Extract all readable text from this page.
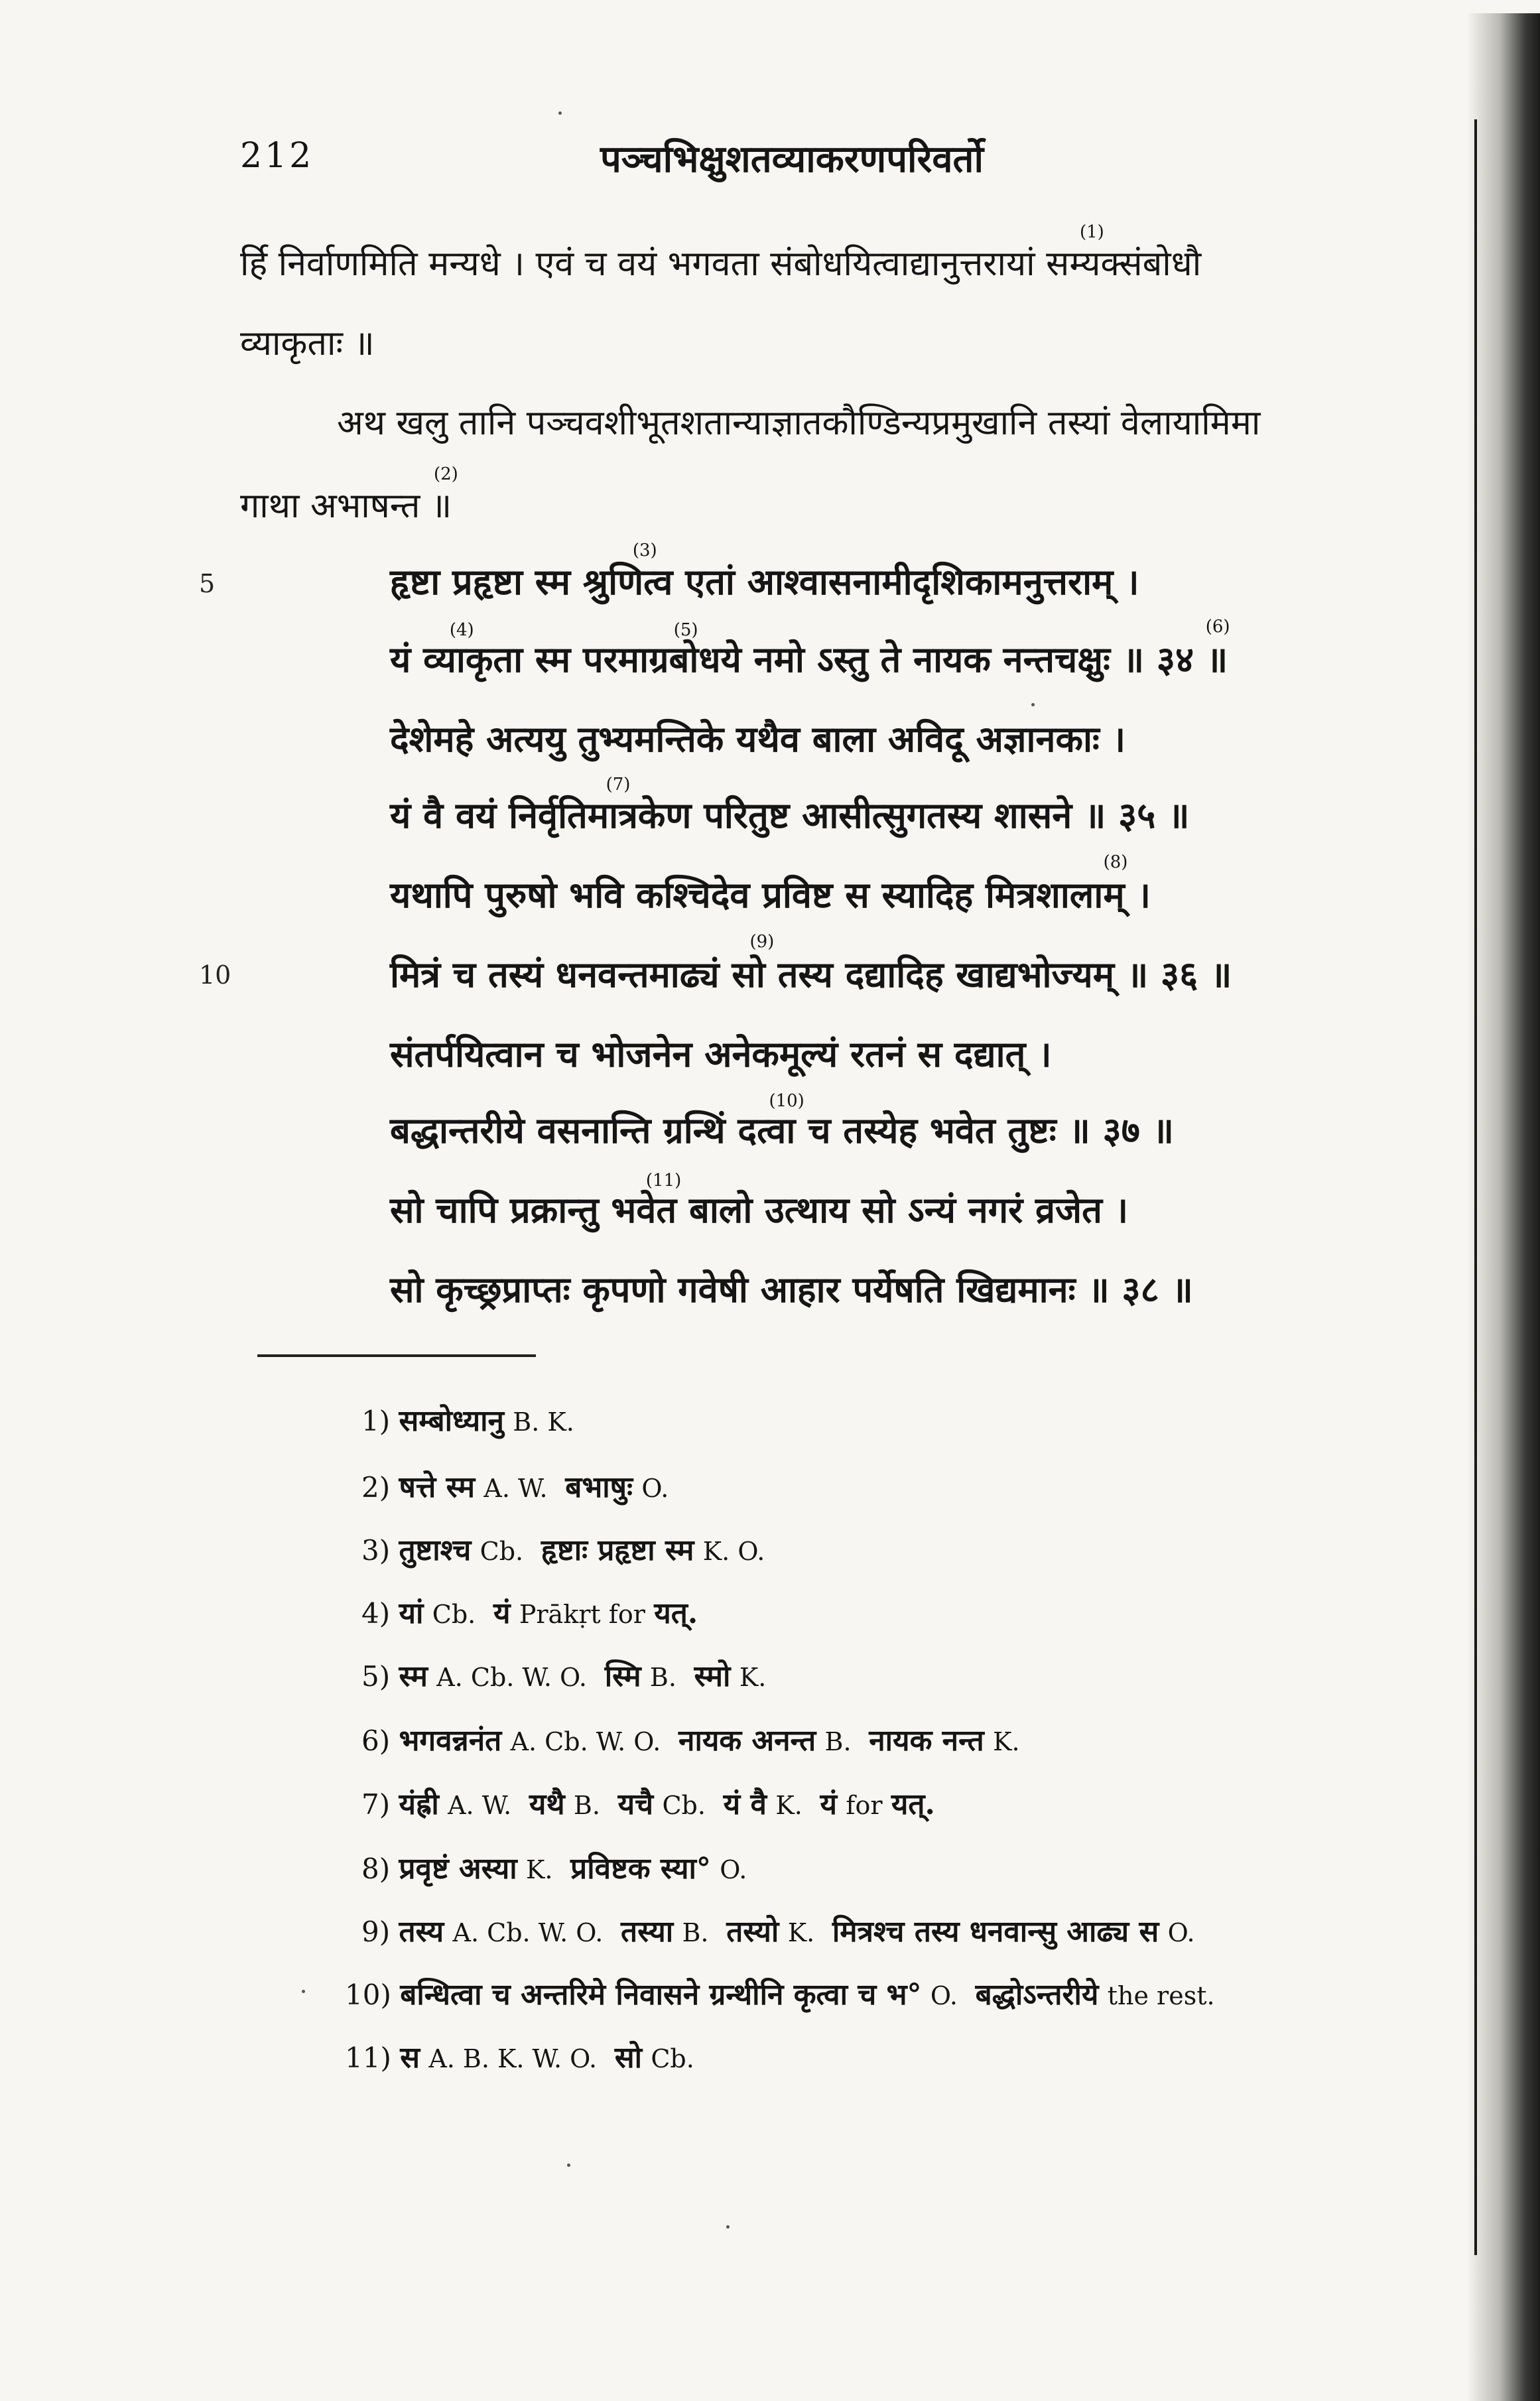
212	पञ्चभिक्षुशतव्याकरणपरिवर्तो
र्हि निर्वाणमिति मन्यधे । एवं च वयं भगवता संबोधयित्वाद्यानुत्तरायां सम्यक्संबोधौ
$^{(1)}$
व्याकृताः ॥
अथ खलु तानि पञ्चवशीभूतशतान्याज्ञातकौण्डिन्यप्रमुखानि तस्यां वेलायामिमा
गाथा अभाषन्त ॥
$^{(2)}$
5
10
हृष्टा प्रहृष्टा स्म श्रुणित्व एतां आश्वासनामीदृशिकामनुत्तराम् ।
$^{(3)}$
यं व्याकृता स्म परमाग्रबोधये नमो ऽस्तु ते नायक नन्तचक्षुः ॥ ३४ ॥
$^{(4)}$	$^{(5)}$	$^{(6)}$
देशेमहे अत्ययु तुभ्यमन्तिके यथैव बाला अविदू अज्ञानकाः ।
यं वै वयं निर्वृतिमात्रकेण परितुष्ट आसीत्सुगतस्य शासने ॥ ३५ ॥
$^{(7)}$
यथापि पुरुषो भवि कश्चिदेव प्रविष्ट स स्यादिह मित्रशालाम् ।
$^{(8)}$
मित्रं च तस्यं धनवन्तमाढ्यं सो तस्य दद्यादिह खाद्यभोज्यम् ॥ ३६ ॥
$^{(9)}$
संतर्पयित्वान च भोजनेन अनेकमूल्यं रतनं स दद्यात् ।
बद्धान्तरीये वसनान्ति ग्रन्थिं दत्वा च तस्येह भवेत तुष्टः ॥ ३७ ॥
$^{(10)}$
सो चापि प्रक्रान्तु भवेत बालो उत्थाय सो ऽन्यं नगरं व्रजेत ।
$^{(11)}$
सो कृच्छ्रप्राप्तः कृपणो गवेषी आहार पर्येषति खिद्यमानः ॥ ३८ ॥
1) सम्बोध्यानु B. K.
2) षत्ते स्म A. W. बभाषुः O.
3) तुष्टाश्च Cb. हृष्टाः प्रहृष्टा स्म K. O.
4) यां Cb. यं Prākṛt for यत्.
5) स्म A. Cb. W. O. स्मि B. स्मो K.
6) भगवन्ननंत A. Cb. W. O. नायक अनन्त B. नायक नन्त K.
7) यंह्री A. W. यथै B. यचै Cb. यं वै K. यं for यत्.
8) प्रवृष्टं अस्या K. प्रविष्टक स्या° O.
9) तस्य A. Cb. W. O. तस्या B. तस्यो K. मित्रश्च तस्य धनवान्सु आढ्य स O.
10) बन्धित्वा च अन्तरिमे निवासने ग्रन्थीनि कृत्वा च भ° O. बद्धोऽन्तरीये the rest.
11) स A. B. K. W. O. सो Cb.
